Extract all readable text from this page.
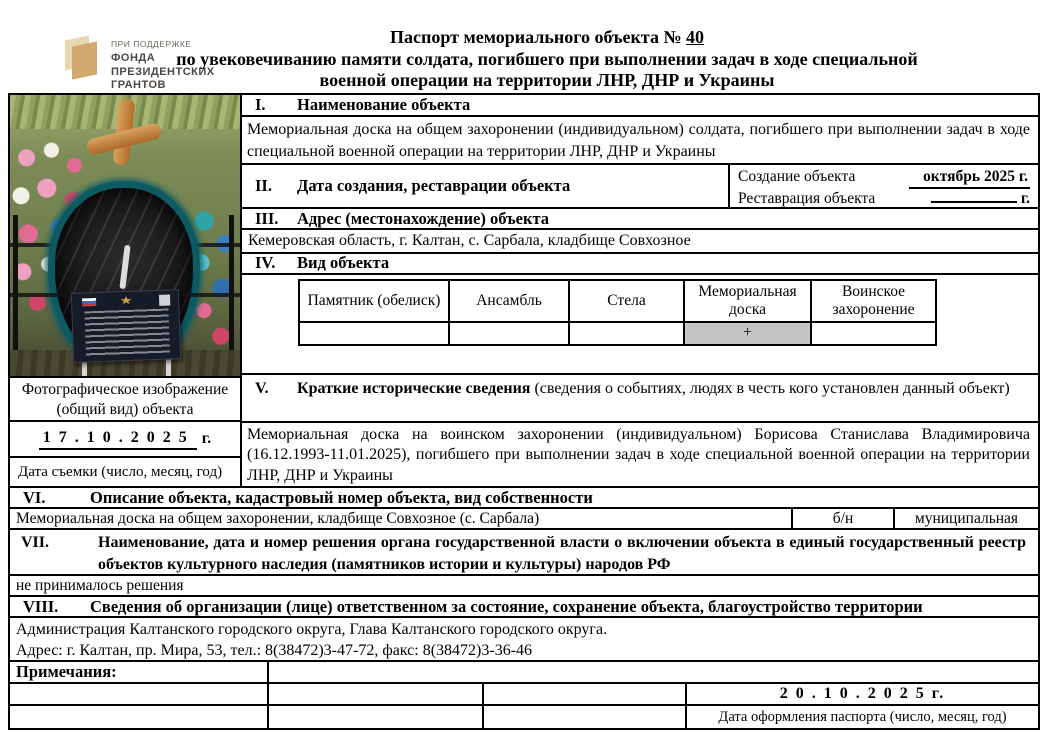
ПРИ ПОДДЕРЖКЕ
ФОНДА
ПРЕЗИДЕНТСКИХ
ГРАНТОВ
Паспорт мемориального объекта № 40
по увековечиванию памяти солдата, погибшего при выполнении задач в ходе специальной
военной операции на территории ЛНР, ДНР и Украины
Фотографическое изображение (общий вид) объекта
1 7 . 1 0 . 2 0 2 5 г.
Дата съемки (число, месяц, год)
I.	Наименование объекта
Мемориальная доска на общем захоронении (индивидуальном) солдата, погибшего при выполнении задач в ходе специальной военной операции на территории ЛНР, ДНР и Украины
II.	Дата создания, реставрации объекта	Создание объекта	октябрь 2025 г.
Реставрация объекта	г.
III.	Адрес (местонахождение) объекта
Кемеровская область, г. Калтан, с. Сарбала, кладбище Совхозное
IV.	Вид объекта
Памятник (обелиск)	Ансамбль	Стела	Мемориальная доска	Воинское захоронение
			+	
V. Краткие исторические сведения (сведения о событиях, людях в честь кого установлен данный объект)
Мемориальная доска на воинском захоронении (индивидуальном) Борисова Станислава Владимировича (16.12.1993-11.01.2025), погибшего при выполнении задач в ходе специальной военной операции на территории ЛНР, ДНР и Украины
VI.	Описание объекта, кадастровый номер объекта, вид собственности
Мемориальная доска на общем захоронении, кладбище Совхозное (с. Сарбала)	б/н	муниципальная
VII.	Наименование, дата и номер решения органа государственной власти о включении объекта в единый государственный реестр объектов культурного наследия (памятников истории и культуры) народов РФ
не принималось решения
VIII.	Сведения об организации (лице) ответственном за состояние, сохранение объекта, благоустройство территории
Администрация Калтанского городского округа, Глава Калтанского городского округа.
Адрес: г. Калтан, пр. Мира, 53, тел.: 8(38472)3-47-72, факс: 8(38472)3-36-46
Примечания:
2 0 . 1 0 . 2 0 2 5 г.
Дата оформления паспорта (число, месяц, год)
